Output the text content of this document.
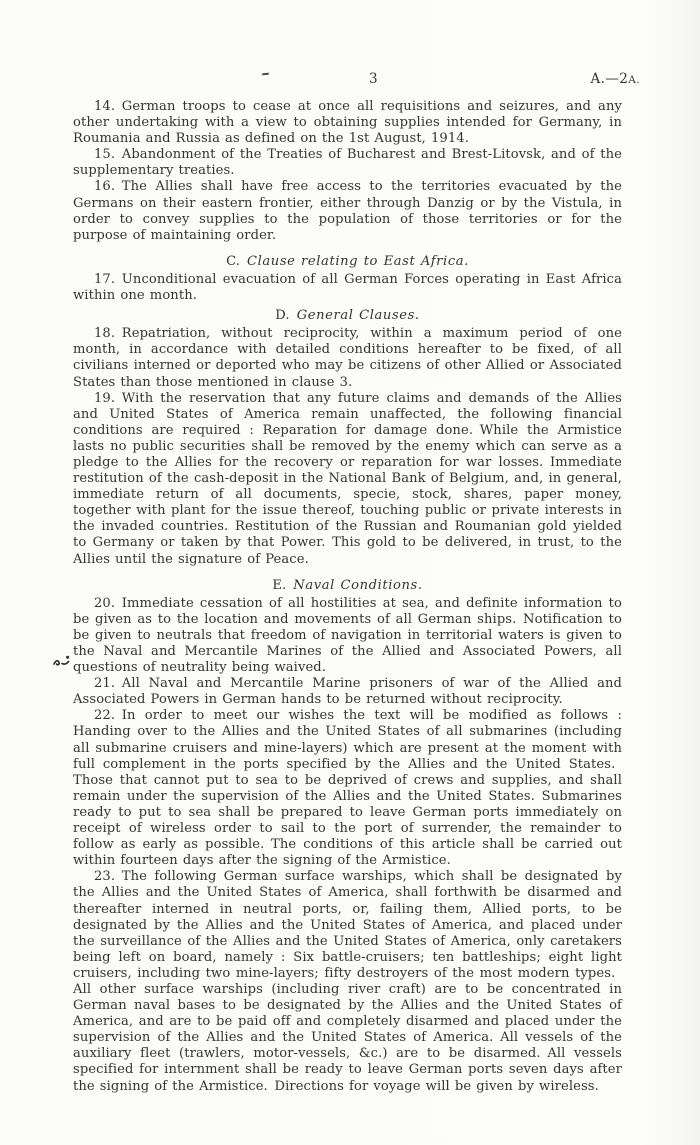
3	A.—2A.

14. German troops to cease at once all requisitions and seizures, and any other undertaking with a view to obtaining supplies intended for Germany, in Roumania and Russia as defined on the 1st August, 1914.

15. Abandonment of the Treaties of Bucharest and Brest-Litovsk, and of the supplementary treaties.

16. The Allies shall have free access to the territories evacuated by the Germans on their eastern frontier, either through Danzig or by the Vistula, in order to convey supplies to the population of those territories or for the purpose of maintaining order.

C. Clause relating to East Africa.

17. Unconditional evacuation of all German Forces operating in East Africa within one month.

D. General Clauses.

18. Repatriation, without reciprocity, within a maximum period of one month, in accordance with detailed conditions hereafter to be fixed, of all civilians interned or deported who may be citizens of other Allied or Associated States than those mentioned in clause 3.

19. With the reservation that any future claims and demands of the Allies and United States of America remain unaffected, the following financial conditions are required : Reparation for damage done. While the Armistice lasts no public securities shall be removed by the enemy which can serve as a pledge to the Allies for the recovery or reparation for war losses. Immediate restitution of the cash-deposit in the National Bank of Belgium, and, in general, immediate return of all documents, specie, stock, shares, paper money, together with plant for the issue thereof, touching public or private interests in the invaded countries. Restitution of the Russian and Roumanian gold yielded to Germany or taken by that Power. This gold to be delivered, in trust, to the Allies until the signature of Peace.

E. Naval Conditions.

20. Immediate cessation of all hostilities at sea, and definite information to be given as to the location and movements of all German ships. Notification to be given to neutrals that freedom of navigation in territorial waters is given to the Naval and Mercantile Marines of the Allied and Associated Powers, all questions of neutrality being waived.

21. All Naval and Mercantile Marine prisoners of war of the Allied and Associated Powers in German hands to be returned without reciprocity.

22. In order to meet our wishes the text will be modified as follows : Handing over to the Allies and the United States of all submarines (including all submarine cruisers and mine-layers) which are present at the moment with full complement in the ports specified by the Allies and the United States. Those that cannot put to sea to be deprived of crews and supplies, and shall remain under the supervision of the Allies and the United States. Submarines ready to put to sea shall be prepared to leave German ports immediately on receipt of wireless order to sail to the port of surrender, the remainder to follow as early as possible. The conditions of this article shall be carried out within fourteen days after the signing of the Armistice.

23. The following German surface warships, which shall be designated by the Allies and the United States of America, shall forthwith be disarmed and thereafter interned in neutral ports, or, failing them, Allied ports, to be designated by the Allies and the United States of America, and placed under the surveillance of the Allies and the United States of America, only caretakers being left on board, namely : Six battle-cruisers; ten battleships; eight light cruisers, including two mine-layers; fifty destroyers of the most modern types. All other surface warships (including river craft) are to be concentrated in German naval bases to be designated by the Allies and the United States of America, and are to be paid off and completely disarmed and placed under the supervision of the Allies and the United States of America. All vessels of the auxiliary fleet (trawlers, motor-vessels, &c.) are to be disarmed. All vessels specified for internment shall be ready to leave German ports seven days after the signing of the Armistice. Directions for voyage will be given by wireless.
